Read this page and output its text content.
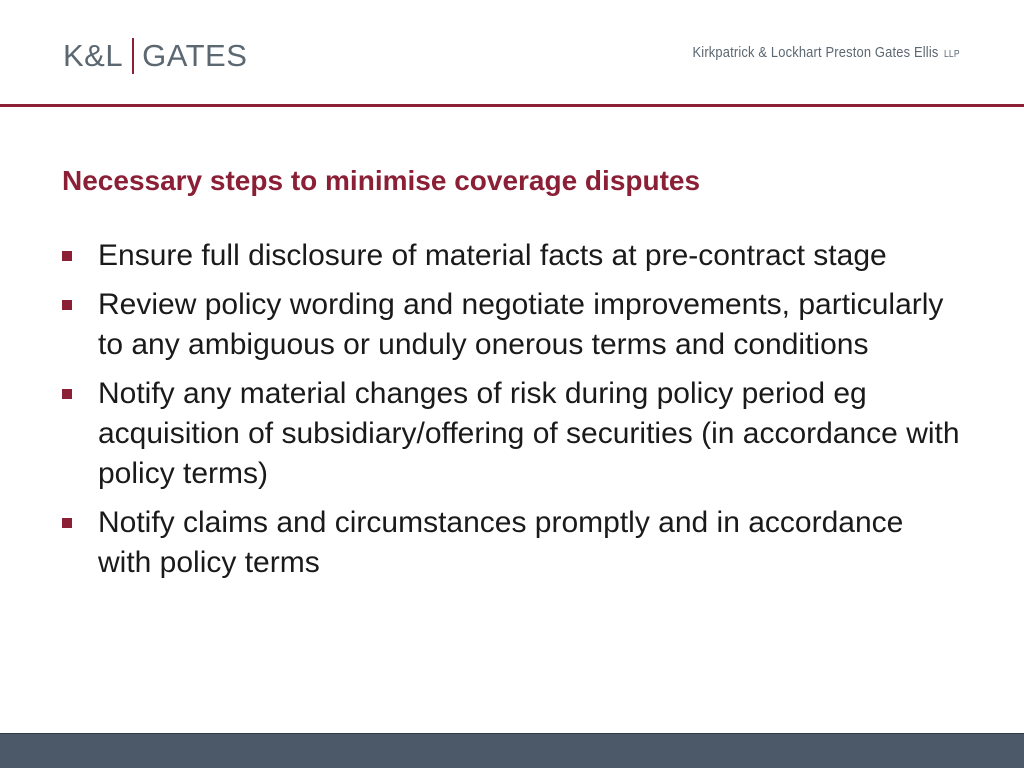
K&L GATES	Kirkpatrick & Lockhart Preston Gates Ellis LLP
Necessary steps to minimise coverage disputes
Ensure full disclosure of material facts at pre-contract stage
Review policy wording and negotiate improvements, particularly to any ambiguous or unduly onerous terms and conditions
Notify any material changes of risk during policy period eg acquisition of subsidiary/offering of securities (in accordance with policy terms)
Notify claims and circumstances promptly and in accordance with policy terms
